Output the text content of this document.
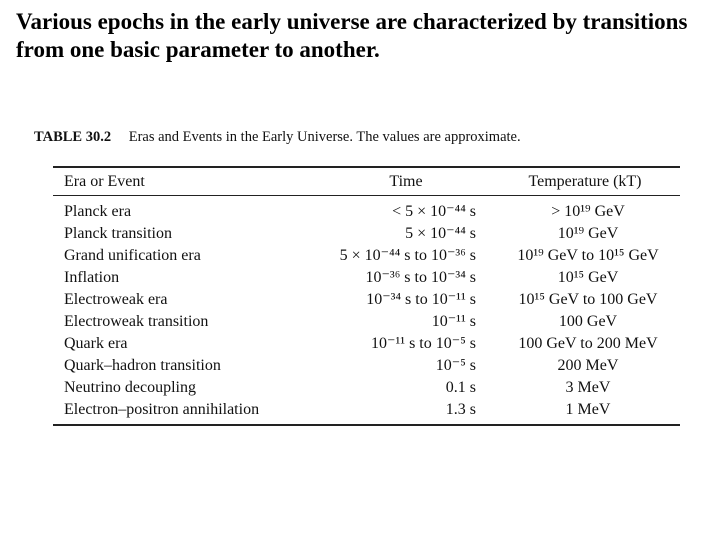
Various epochs in the early universe are characterized by transitions from one basic parameter to another.
TABLE 30.2 Eras and Events in the Early Universe. The values are approximate.
Era or Event	Time	Temperature (kT)
Planck era	< 5 × 10⁻⁴⁴ s	> 10¹⁹ GeV
Planck transition	5 × 10⁻⁴⁴ s	10¹⁹ GeV
Grand unification era	5 × 10⁻⁴⁴ s to 10⁻³⁶ s	10¹⁹ GeV to 10¹⁵ GeV
Inflation	10⁻³⁶ s to 10⁻³⁴ s	10¹⁵ GeV
Electroweak era	10⁻³⁴ s to 10⁻¹¹ s	10¹⁵ GeV to 100 GeV
Electroweak transition	10⁻¹¹ s	100 GeV
Quark era	10⁻¹¹ s to 10⁻⁵ s	100 GeV to 200 MeV
Quark–hadron transition	10⁻⁵ s	200 MeV
Neutrino decoupling	0.1 s	3 MeV
Electron–positron annihilation	1.3 s	1 MeV
